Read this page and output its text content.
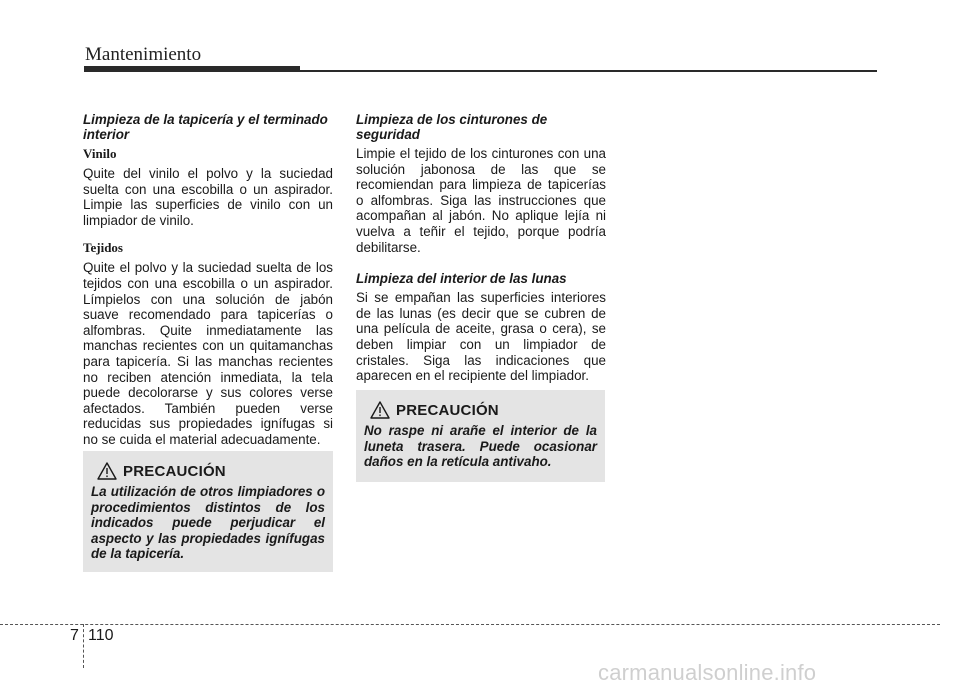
Mantenimiento

Limpieza de la tapicería y el terminado interior

Vinilo

Quite del vinilo el polvo y la suciedad suelta con una escobilla o un aspirador. Limpie las superficies de vinilo con un limpiador de vinilo.

Tejidos

Quite el polvo y la suciedad suelta de los tejidos con una escobilla o un aspirador. Límpielos con una solución de jabón suave recomendado para tapicerías o alfombras. Quite inmediatamente las manchas recientes con un quitamanchas para tapicería. Si las manchas recientes no reciben atención inmediata, la tela puede decolorarse y sus colores verse afectados. También pueden verse reducidas sus propiedades ignífugas si no se cuida el material adecuadamente.

Limpieza de los cinturones de seguridad

Limpie el tejido de los cinturones con una solución jabonosa de las que se recomiendan para limpieza de tapicerías o alfombras. Siga las instrucciones que acompañan al jabón. No aplique lejía ni vuelva a teñir el tejido, porque podría debilitarse.

Limpieza del interior de las lunas

Si se empañan las superficies interiores de las lunas (es decir que se cubren de una película de aceite, grasa o cera), se deben limpiar con un limpiador de cristales. Siga las indicaciones que aparecen en el recipiente del limpiador.

PRECAUCIÓN

La utilización de otros limpiadores o procedimientos distintos de los indicados puede perjudicar el aspecto y las propiedades ignífugas de la tapicería.

PRECAUCIÓN

No raspe ni arañe el interior de la luneta trasera. Puede ocasionar daños en la retícula antivaho.

7 110
carmanualsonline.info
